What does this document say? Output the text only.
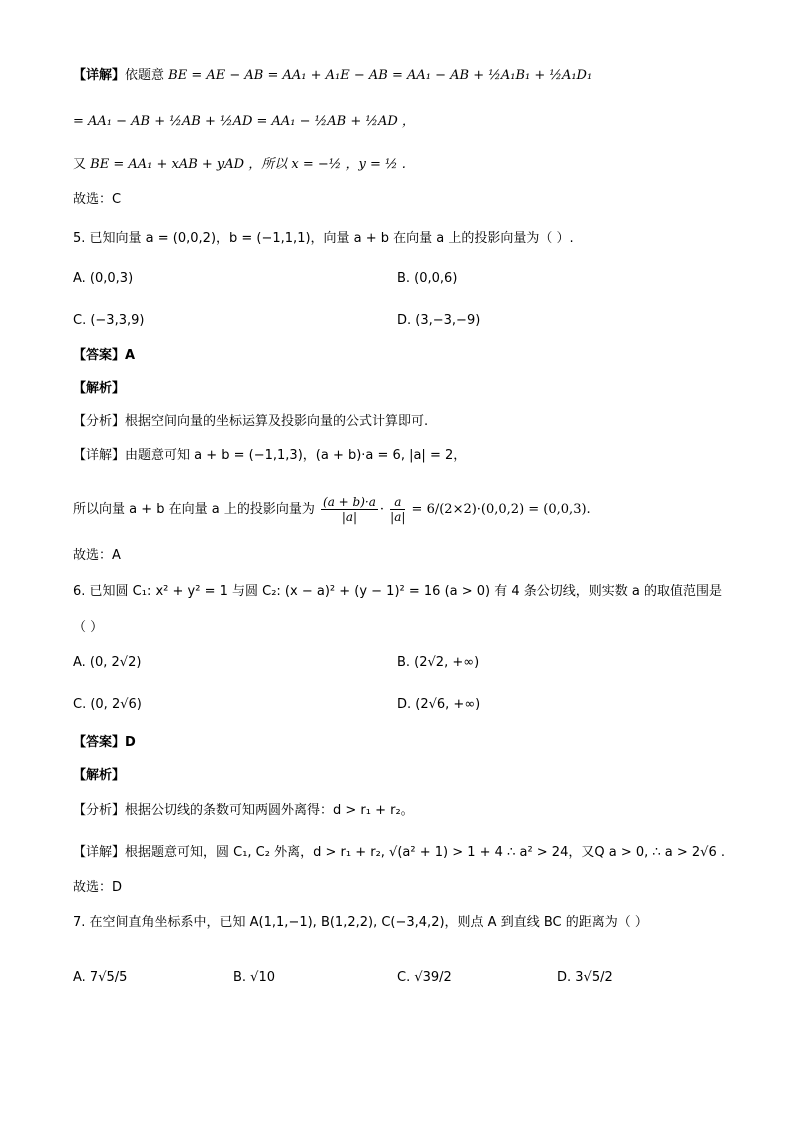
【详解】依题意 BE = AE − AB = AA₁ + A₁E − AB = AA₁ − AB + ½A₁B₁ + ½A₁D₁
= AA₁ − AB + ½AB + ½AD = AA₁ − ½AB + ½AD ，
又 BE = AA₁ + xAB + yAD ，所以 x = −½ ，y = ½ .
故选：C
5. 已知向量 a = (0,0,2)，b = (−1,1,1)，向量 a + b 在向量 a 上的投影向量为（ ）.
A. (0,0,3)	B. (0,0,6)
C. (−3,3,9)	D. (3,−3,−9)
【答案】A
【解析】
【分析】根据空间向量的坐标运算及投影向量的公式计算即可.
【详解】由题意可知 a + b = (−1,1,3)，(a + b)·a = 6, |a| = 2，
所以向量 a + b 在向量 a 上的投影向量为 $\frac{(a + b)\cdot a}{|a|} \cdot \frac{a}{|a|} = 6/(2\times 2)\cdot(0,0,2) = (0,0,3)$.
故选：A
6. 已知圆 C₁: x² + y² = 1 与圆 C₂: (x − a)² + (y − 1)² = 16 (a > 0) 有 4 条公切线，则实数 a 的取值范围是
（ ）
A. (0, 2√2)	B. (2√2, +∞)
C. (0, 2√6)	D. (2√6, +∞)
【答案】D
【解析】
【分析】根据公切线的条数可知两圆外离得：d > r₁ + r₂。
【详解】根据题意可知，圆 C₁, C₂ 外离，d > r₁ + r₂, √(a² + 1) > 1 + 4 ∴ a² > 24，又Q a > 0, ∴ a > 2√6 .
故选：D
7. 在空间直角坐标系中，已知 A(1,1,−1), B(1,2,2), C(−3,4,2)，则点 A 到直线 BC 的距离为（ ）
A. 7√5/5	B. √10	C. √39/2	D. 3√5/2
